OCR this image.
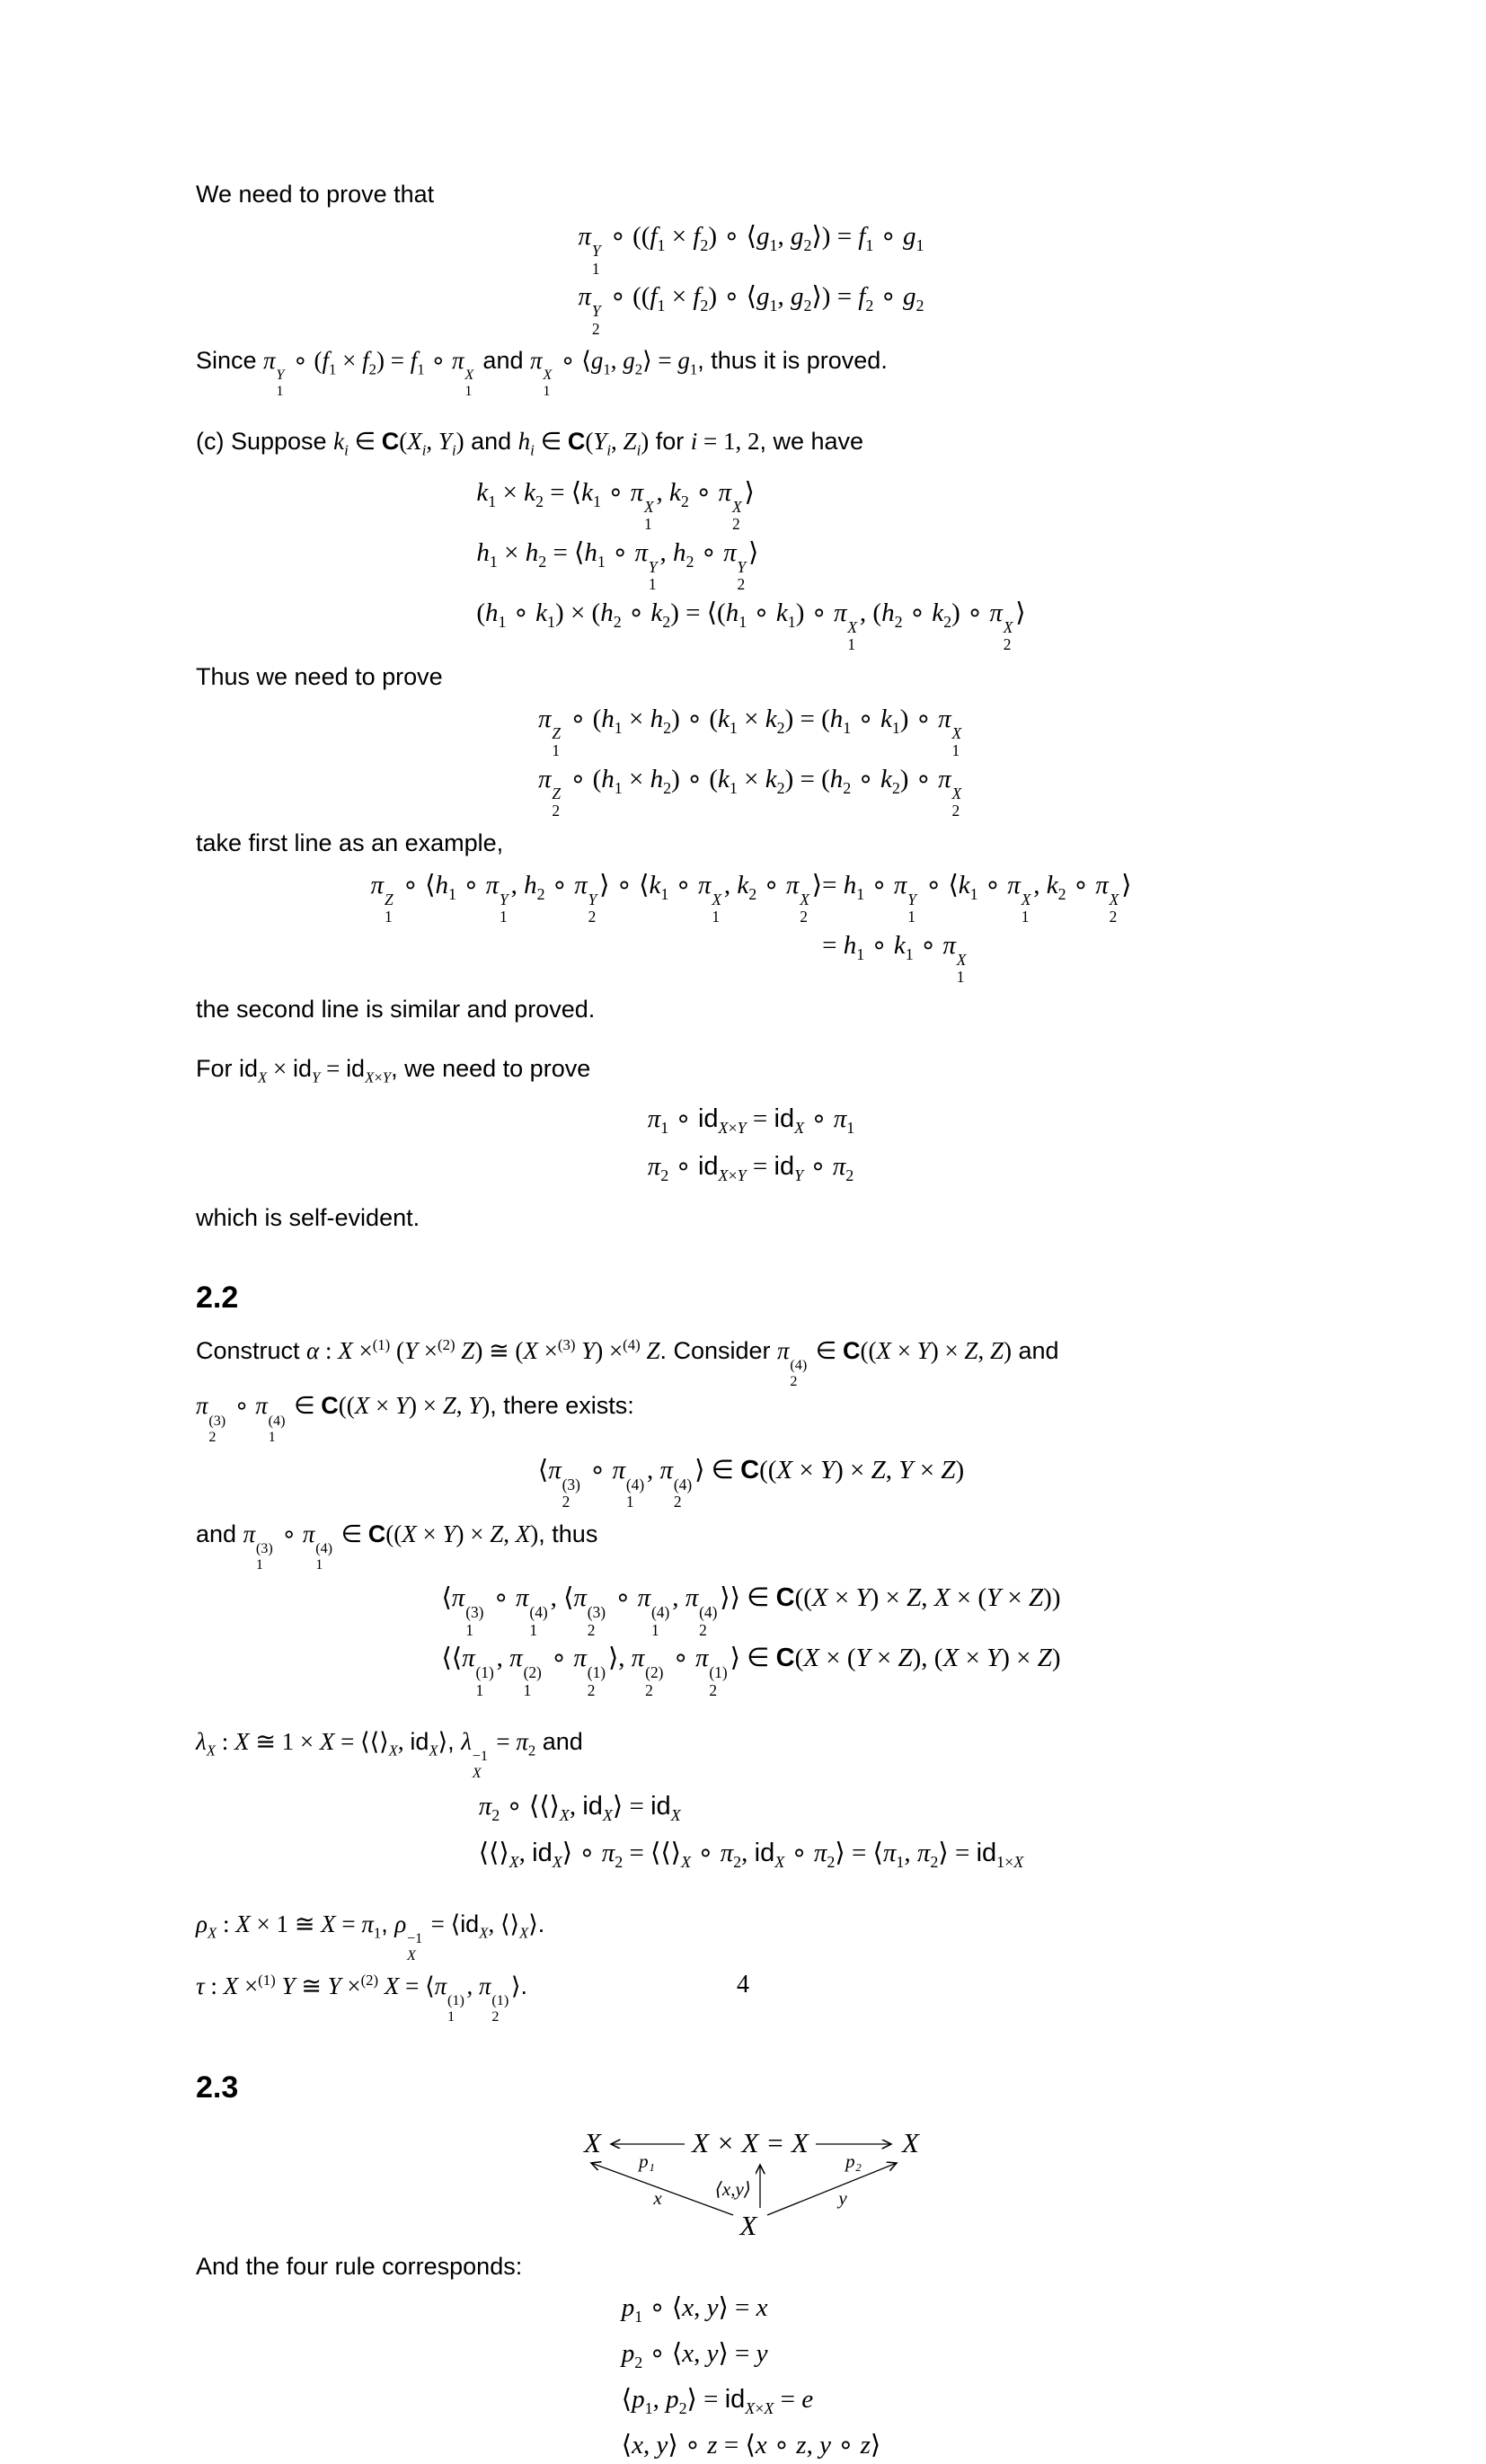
We need to prove that

π
Y
1
∘ ($(f_1 \times f_2)$ ∘ $⟨g_1$, $g_2⟩) = f_1$ ∘ $g_1$
π
Y
2
∘ ($(f_1 \times f_2)$ ∘ $⟨g_1$, $g_2⟩) = f_2$ ∘ $g_2$

Since π
Y
1
∘ $(f_1 \times f_2) = f_1$ ∘ π
X
1
and π
X
1
∘ $⟨g_1$, $g_2⟩ = g_1$, thus it is proved.

(c) Suppose $k_i$ ∈ $C(X_i$, $Y_i$) and $h_i$ ∈ $C(Y_i$, $Z_i$) for i = 1, 2, we have

$k_1 \times k_2$ = $⟨k_1$ ∘ π
X
1
, $k_2$ ∘ π
X
2
⟩
$h_1 \times h_2$ = $⟨h_1$ ∘ π
Y
1
, $h_2$ ∘ π
Y
2
⟩
($h_1$ ∘ $k_1) \times (h_2$ ∘ $k_2$) = $⟨(h_1$ ∘ $k_1$) ∘ π
X
1
, ($h_2$ ∘ $k_2$) ∘ π
X
2
⟩

Thus we need to prove

π
Z
1
∘ $(h_1 \times h_2)$ ∘ $(k_1 \times k_2) = (h_1$ ∘ $k_1$) ∘ π
X
1
π
Z
2
∘ $(h_1 \times h_2)$ ∘ $(k_1 \times k_2) = (h_2$ ∘ $k_2$) ∘ π
X
2

take first line as an example,

π
Z
1
∘ $⟨h_1$ ∘ π
Y
1
, $h_2$ ∘ π
Y
2
⟩ ∘ $⟨k_1$ ∘ π
X
1
, $k_2$ ∘ π
X
2
⟩ = $h_1$ ∘ π
Y
1
∘ $⟨k_1$ ∘ π
X
1
, $k_2$ ∘ π
X
2
⟩
= $h_1$ ∘ $k_1$ ∘ π
X
1

the second line is similar and proved.

For $id_X \times id_Y = id_{X\times Y}$, we need to prove

$\pi_1$ ∘ $id_{X\times Y} = id_X$ ∘ $\pi_1$
$\pi_2$ ∘ $id_{X\times Y} = id_Y$ ∘ $\pi_2$

which is self-evident.

2.2

Construct α : X ×$^{(1)}$ (Y ×$^{(2)}$ Z) ≅ (X ×$^{(3)}$ Y) ×$^{(4)}$ Z. Consider π
(4)
2
∈ C((X × Y) × Z, Z) and
π
(3)
2
∘ π
(4)
1
∈ C((X × Y) × Z, Y), there exists:

⟨π
(3)
2
∘ π
(4)
1
, π
(4)
2
⟩ ∈ C((X × Y) × Z, Y × Z)

and π
(3)
1
∘ π
(4)
1
∈ C((X × Y) × Z, X), thus

⟨π
(3)
1
∘ π
(4)
1
, ⟨π
(3)
2
∘ π
(4)
1
, π
(4)
2
⟩⟩ ∈ C((X × Y) × Z, X × (Y × Z))
⟨⟨π
(1)
1
, π
(2)
1
∘ π
(1)
2
⟩, π
(2)
2
∘ π
(1)
2
⟩ ∈ C(X × (Y × Z), (X × Y) × Z)

$\lambda_X$ : X ≅ $1 \times X = ⟨⟨⟩_X$, $id_X⟩$, λ
−1
X
= $\pi_2$ and

$\pi_2$ ∘ $⟨⟨⟩_X$, $id_X⟩ = id_X$
$⟨⟨⟩_X$, $id_X⟩$ ∘ $\pi_2$ = $⟨⟨⟩_X$ ∘ $\pi_2$, $id_X$ ∘ $\pi_2⟩$ = $⟨\pi_1$, $\pi_2⟩ = id_{1\times X}$

$\rho_X$ : X × 1 ≅ $X = \pi_1$, ρ
−1
X
= $⟨id_X$, $⟨⟩_X⟩$.
τ : X ×$^{(1)}$ Y ≅ Y ×$^{(2)}$ X = ⟨π
(1)
1
, π
(1)
2
⟩.

2.3
X	X × X = X	X
X
p₁	p₂
⟨x,y⟩
x	y

And the four rule corresponds:

$p_1$ ∘ ⟨x, y⟩ = x
$p_2$ ∘ ⟨x, y⟩ = y
$⟨p_1$, $p_2⟩ = id_{X\times X} = e$
⟨x, y⟩ ∘ z = ⟨x ∘ z, y ∘ z⟩
4
